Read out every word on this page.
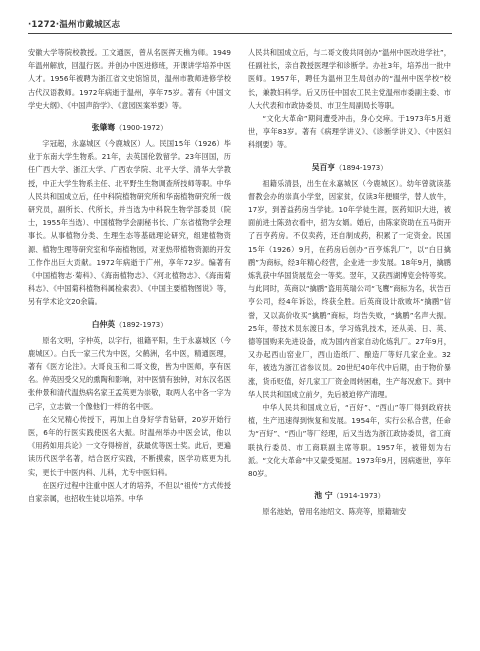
·1272·温州市戴城区志

安徽大学等院校教授。工文通医，曾从名医挥天樵为师。1949年温州解放，回温行医。并创办中医进修班，开课讲学培养中医人才。1956年被聘为浙江省文史馆馆员，温州市教师进修学校古代汉语教师。1972年病逝于温州，享年75岁。著有《中国文学史大纲》、《中国声韵学》、《意园医案举要》等。

张肇骞（1900-1972）

字冠超，永嘉城区（今鹿城区）人。民国15年（1926）毕业于东南大学生物系。21年，去英国伦敦留学。23年回国，历任广西大学、浙江大学、广西农学院、北平大学、清华大学教授，中正大学生物系主任、北平野生生物调查所技师等职。中华人民共和国成立后，任中科院植物研究所和华南植物研究所一级研究员，副所长、代所长，并当选为中科院生物学部委员（院士，1955年当选）、中国植物学会副秘书长、广东省植物学会理事长。从事植物分类、生理生态等基础理论研究，组建植物资源、植物生理等研究室和华南植物园，对亚热带植物资源的开发工作作出巨大贡献。1972年病逝于广州，享年72岁。编著有《中国植物志·菊科》、《海南植物志》、《河北植物志》、《海南菊科志》、《中国菊科植物科属检索表》、《中国主要植物图说》等，另有学术论文20余篇。

白仲英（1892-1973）

原名文明，字仲英，以字行，祖籍平阳，生于永嘉城区（今鹿城区）。白氏一家三代为中医，父鹤洲，名中医，精通医理，著有《医方论注》。大哥良玉和二哥文俊，皆为中医师，享有医名。仲英因受父兄的熏陶和影响，对中医情有独钟，对东汉名医张仲景和清代温热病名家王孟英更为崇敬，取两人名中各一字为己字，立志做一个像他们一样的名中医。

在父兄精心传授下，再加上自身好学肯钻研，20岁开始行医，6年的行医实践使医名大振。时温州举办中医会试，他以《用药如用兵论》一文夺得榜首，获最优等医士奖。此后，更遍读历代医学名著，结合医疗实践，不断摸索，医学功底更为扎实，更长于中医内科、儿科，尤专中医妇科。

在医疗过程中注重中医人才的培养，不但以“祖传”方式传授自家亲属，也招收生徒以培养。中华

人民共和国成立后，与二哥文俊共同创办“温州中医改进学社”，任副社长，亲自教授医理学和诊断学。办社3年，培养出一批中医师。1957年，聘任为温州卫生局创办的“温州中医学校”校长，兼教妇科学。后又历任中国农工民主党温州市委副主委、市人大代表和市政协委员、市卫生局副局长等职。

“文化大革命”期间遭受冲击，身心交瘁。于1973年5月逝世，享年83岁。著有《病理学讲义》、《诊断学讲义》、《中医妇科纲要》等。

吴百亨（1894-1973）

祖籍乐清县，出生在永嘉城区（今鹿城区）。幼年曾就读基督教会办的崇真小学堂，因家贫，仅读3年便辍学，替人放牛，17岁，到普益药房当学徒。10年学徒生涯，医药知识大进，被面前进士陈劲衣看中，招为女婿。婚后，由陈家资助在五马街开了百亨药房。不仅卖药，还自制成药，积累了一定资金。民国15年（1926）9月，在药房后创办“百亨炼乳厂”，以“白日擒鹛”为商标，经3年精心经营，企业进一步发展。18年9月，擒鹛炼乳获中华国货展览会一等奖。翌年，又获西湖博览会特等奖。与此同时，英商以“擒鹛”盗用英瑞公司“飞鹰”商标为名，状告百亨公司，经4年诉讼，终获全胜。后英商设计欲败坏“擒鹛”信誉，又以高价收买“擒鹛”商标，均告失败，“擒鹛”名声大振。25年，带技术员东渡日本，学习炼乳技术，还从美、日、英、德等国购来先进设备，成为国内首家自动化炼乳厂。27年9月，又办起西山窑业厂，西山造纸厂、酿造厂等好几家企业。32年，被选为浙江省参议员。20世纪40年代中后期，由于物价暴涨，货币贬值，好几家工厂资金周转困难，生产每况愈下。到中华人民共和国成立前夕，先后被迫停产清理。

中华人民共和国成立后，“百好”、“西山”等厂得到政府扶植，生产迅速得到恢复和发展。1954年，实行公私合营，任命为“百好”、“西山”等厂经理，后又当选为浙江政协委员，省工商联执行委员、市工商联副主席等职。1957年，被错划为右派。“文化大革命”中又蒙受冤屈。1973年9月，因病逝世，享年80岁。

池 宁（1914-1973）

原名池始，曾用名池绍文、陈亮等，原籍瑞安
